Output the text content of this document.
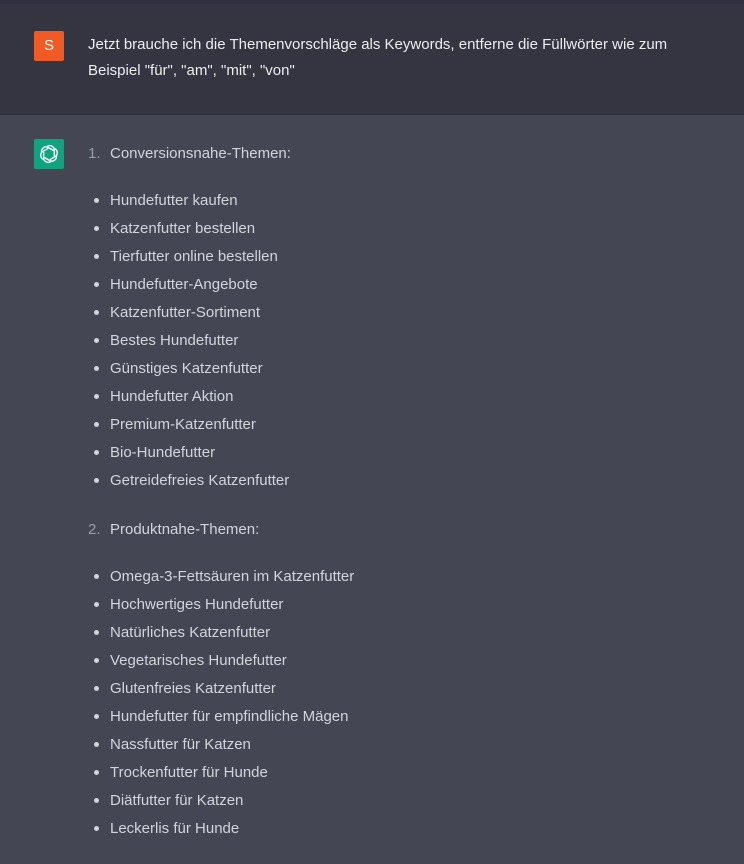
S	Jetzt brauche ich die Themenvorschläge als Keywords, entferne die Füllwörter wie zum
Beispiel "für", "am", "mit", "von"
1. Conversionsnahe-Themen:
Hundefutter kaufen
Katzenfutter bestellen
Tierfutter online bestellen
Hundefutter-Angebote
Katzenfutter-Sortiment
Bestes Hundefutter
Günstiges Katzenfutter
Hundefutter Aktion
Premium-Katzenfutter
Bio-Hundefutter
Getreidefreies Katzenfutter
2. Produktnahe-Themen:
Omega-3-Fettsäuren im Katzenfutter
Hochwertiges Hundefutter
Natürliches Katzenfutter
Vegetarisches Hundefutter
Glutenfreies Katzenfutter
Hundefutter für empfindliche Mägen
Nassfutter für Katzen
Trockenfutter für Hunde
Diätfutter für Katzen
Leckerlis für Hunde
